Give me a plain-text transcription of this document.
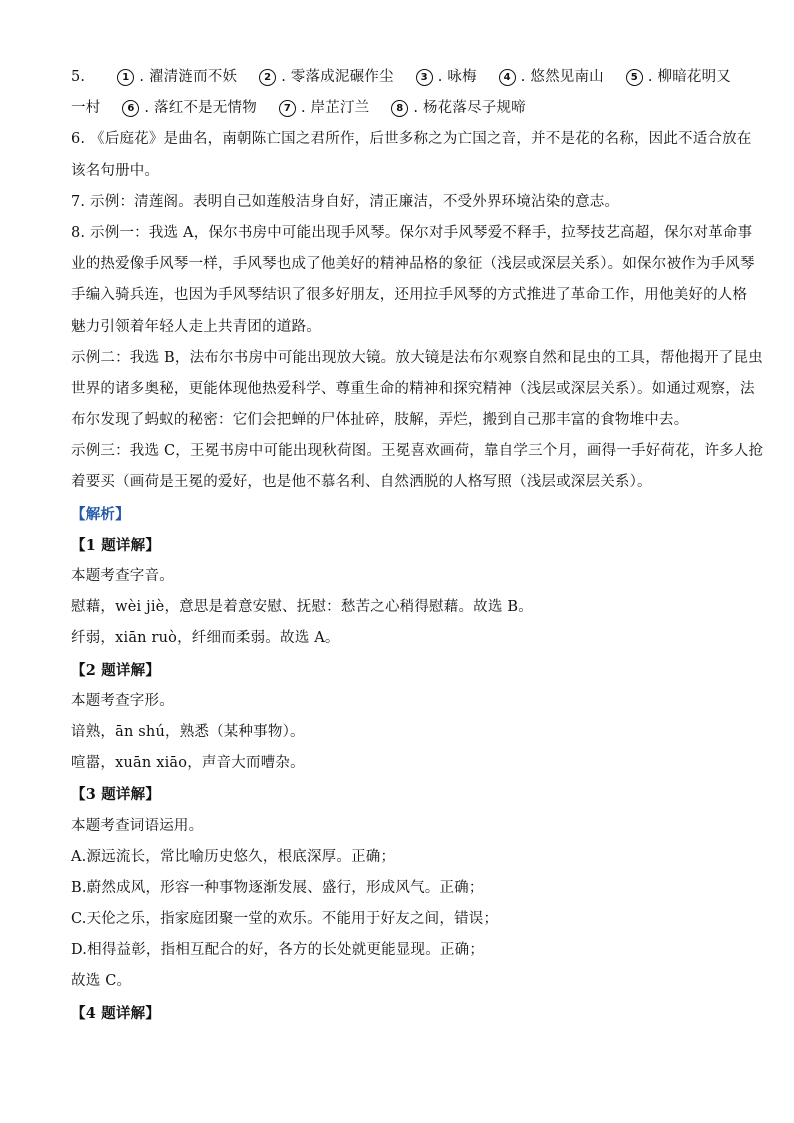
5.	1 . 濯清涟而不妖	2 . 零落成泥碾作尘	3 . 咏梅	4 . 悠然见南山	5 . 柳暗花明又
一村	6 . 落红不是无情物	7 . 岸芷汀兰	8 . 杨花落尽子规啼
6. 《后庭花》是曲名，南朝陈亡国之君所作，后世多称之为亡国之音，并不是花的名称，因此不适合放在
该名句册中。
7. 示例：清莲阁。表明自己如莲般洁身自好，清正廉洁，不受外界环境沾染的意志。
8. 示例一：我选 A，保尔书房中可能出现手风琴。保尔对手风琴爱不释手，拉琴技艺高超，保尔对革命事
业的热爱像手风琴一样，手风琴也成了他美好的精神品格的象征（浅层或深层关系）。如保尔被作为手风琴
手编入骑兵连，也因为手风琴结识了很多好朋友，还用拉手风琴的方式推进了革命工作，用他美好的人格
魅力引领着年轻人走上共青团的道路。
示例二：我选 B，法布尔书房中可能出现放大镜。放大镜是法布尔观察自然和昆虫的工具，帮他揭开了昆虫
世界的诸多奥秘，更能体现他热爱科学、尊重生命的精神和探究精神（浅层或深层关系）。如通过观察，法
布尔发现了蚂蚁的秘密：它们会把蝉的尸体扯碎，肢解，弄烂，搬到自己那丰富的食物堆中去。
示例三：我选 C，王冕书房中可能出现秋荷图。王冕喜欢画荷，靠自学三个月，画得一手好荷花，许多人抢
着要买（画荷是王冕的爱好，也是他不慕名利、自然洒脱的人格写照（浅层或深层关系）。
【解析】
【1 题详解】
本题考查字音。
慰藉，wèi jiè，意思是着意安慰、抚慰：愁苦之心稍得慰藉。故选 B。
纤弱，xiān ruò，纤细而柔弱。故选 A。
【2 题详解】
本题考查字形。
谙熟，ān shú，熟悉（某种事物）。
喧嚣，xuān xiāo，声音大而嘈杂。
【3 题详解】
本题考查词语运用。
A.源远流长，常比喻历史悠久，根底深厚。正确；
B.蔚然成风，形容一种事物逐渐发展、盛行，形成风气。正确；
C.天伦之乐，指家庭团聚一堂的欢乐。不能用于好友之间，错误；
D.相得益彰，指相互配合的好，各方的长处就更能显现。正确；
故选 C。
【4 题详解】
